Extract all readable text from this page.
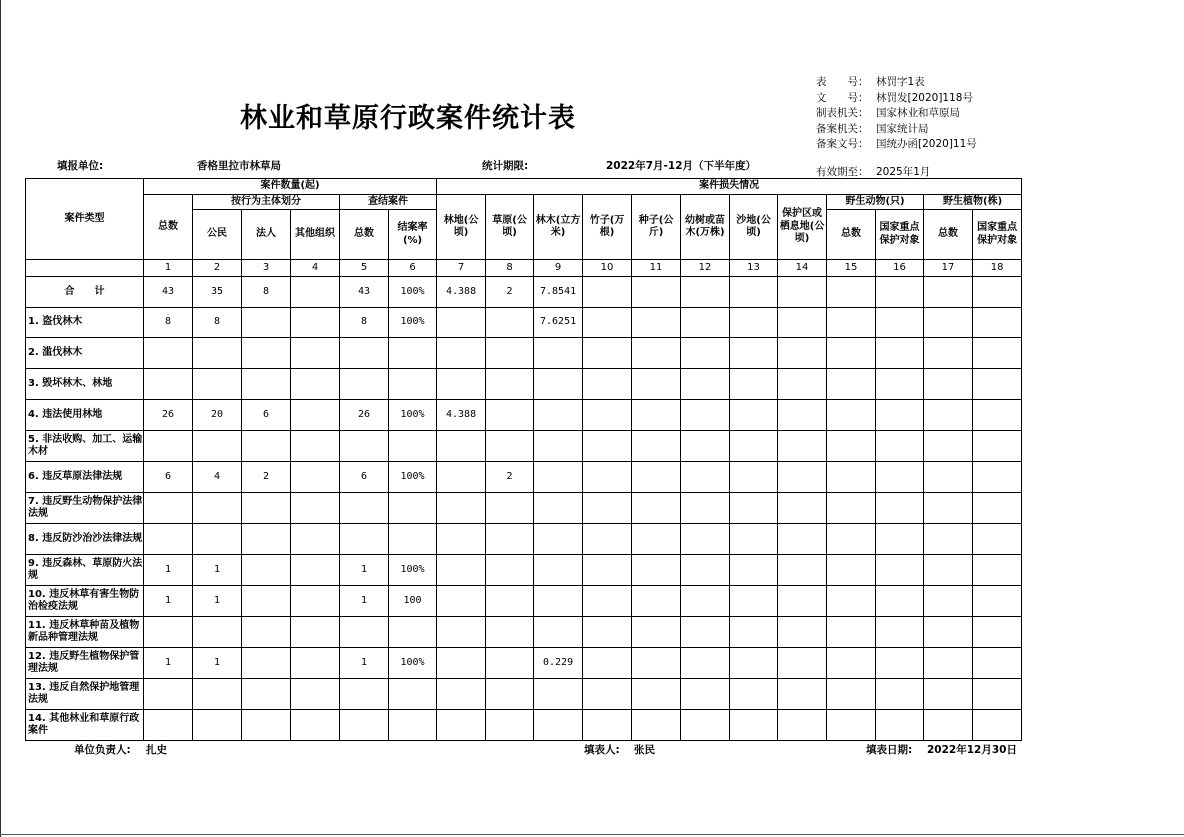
林业和草原行政案件统计表
表　　号： 林罚字1表
文　　号： 林罚发[2020]118号
制表机关： 国家林业和草原局
备案机关： 国家统计局
备案文号： 国统办函[2020]11号
有效期至： 2025年1月
填报单位:	香格里拉市林草局	统计期限:	2022年7月-12月（下半年度）
案件类型	案件数量(起)						案件损失情况											
	总数	按行为主体划分			查结案件		林地(公顷)	草原(公顷)	林木(立方米)	竹子(万根)	种子(公斤)	幼树或苗木(万株)	沙地(公顷)	保护区或栖息地(公顷)	野生动物(只)		野生植物(株)	
		公民	法人	其他组织	总数	结案率(%)									总数	国家重点保护对象	总数	国家重点保护对象
	1	2	3	4	5	6	7	8	9	10	11	12	13	14	15	16	17	18
合　　计	43	35	8		43	100%	4.388	2	7.8541									
1. 盗伐林木	8	8			8	100%			7.6251									
2. 滥伐林木																		
3. 毁坏林木、林地																		
4. 违法使用林地	26	20	6		26	100%	4.388											
5. 非法收购、加工、运输木材																		
6. 违反草原法律法规	6	4	2		6	100%		2										
7. 违反野生动物保护法律法规																		
8. 违反防沙治沙法律法规																		
9. 违反森林、草原防火法规	1	1			1	100%												
10. 违反林草有害生物防治检疫法规	1	1			1	100												
11. 违反林草种苗及植物新品种管理法规																		
12. 违反野生植物保护管理法规	1	1			1	100%			0.229									
13. 违反自然保护地管理法规																		
14. 其他林业和草原行政案件																		
单位负责人: 扎史	填表人: 张民	填表日期: 2022年12月30日
